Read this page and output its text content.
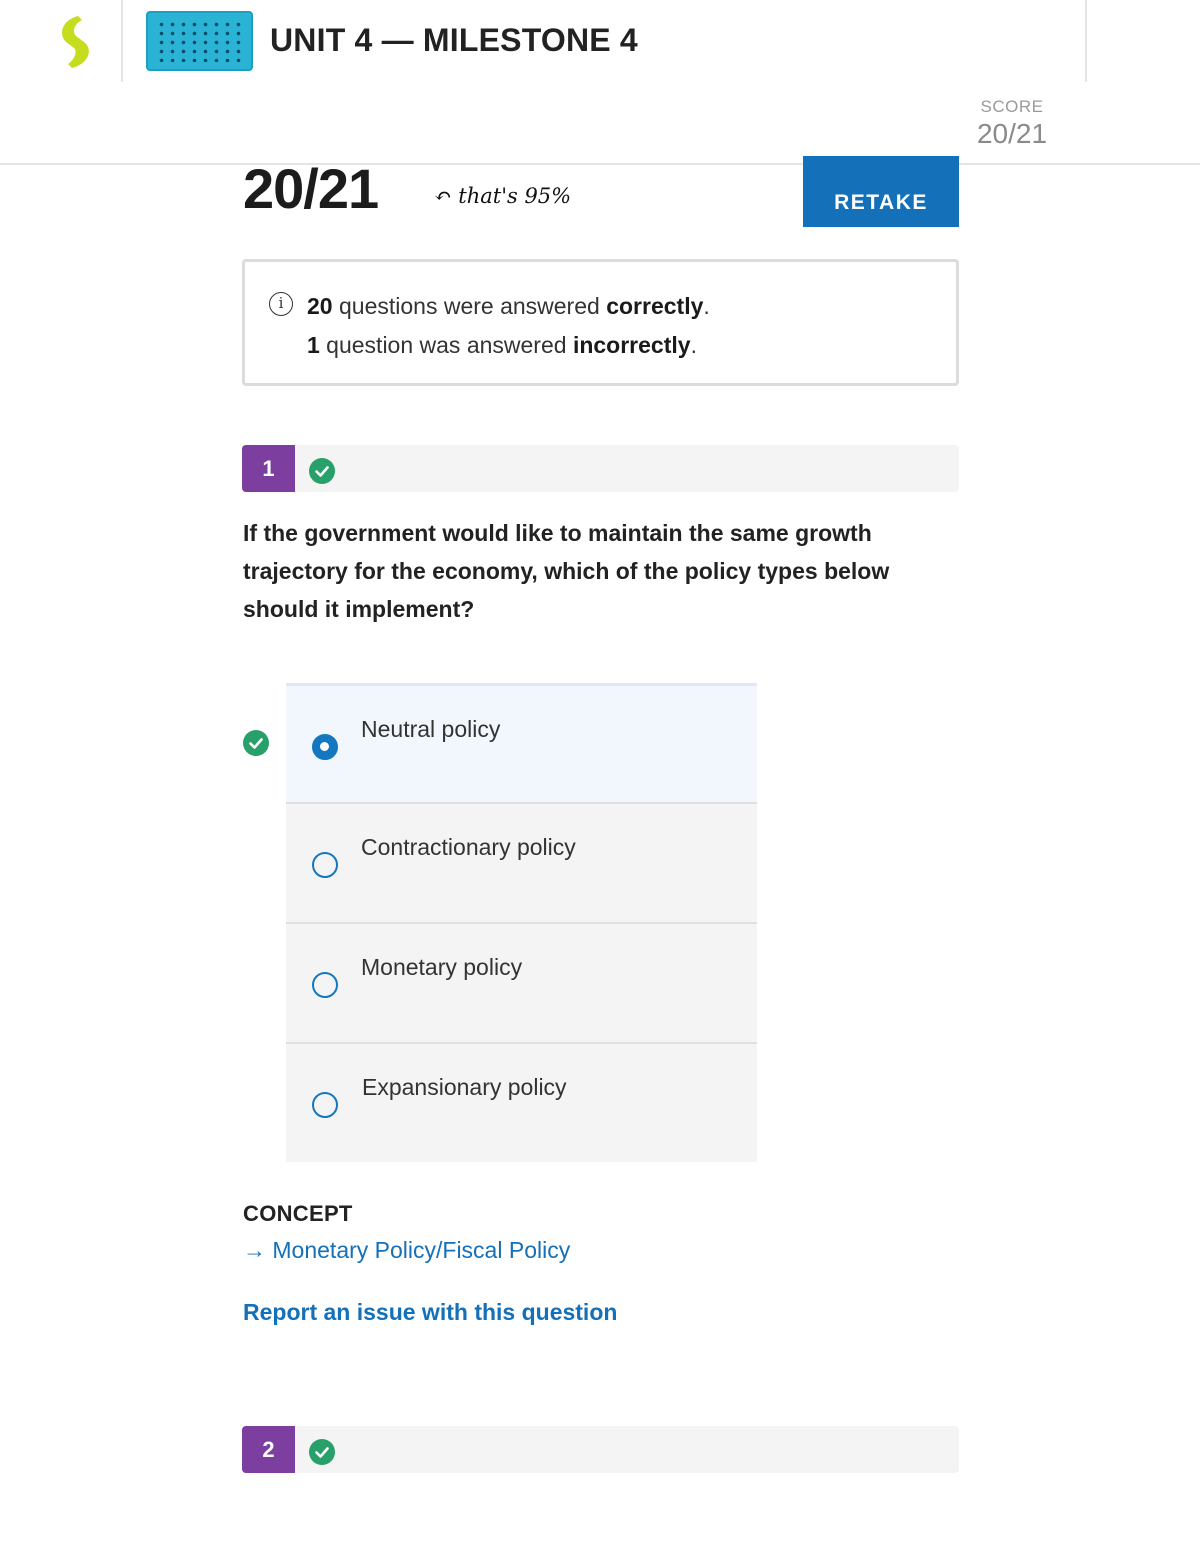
UNIT 4 — MILESTONE 4
SCORE
20/21
20/21	↶ that's 95%	RETAKE
i	20 questions were answered correctly.
1 question was answered incorrectly.
1
If the government would like to maintain the same growth trajectory for the economy, which of the policy types below should it implement?
Neutral policy
Contractionary policy
Monetary policy
Expansionary policy
CONCEPT
→ Monetary Policy/Fiscal Policy
Report an issue with this question
2
